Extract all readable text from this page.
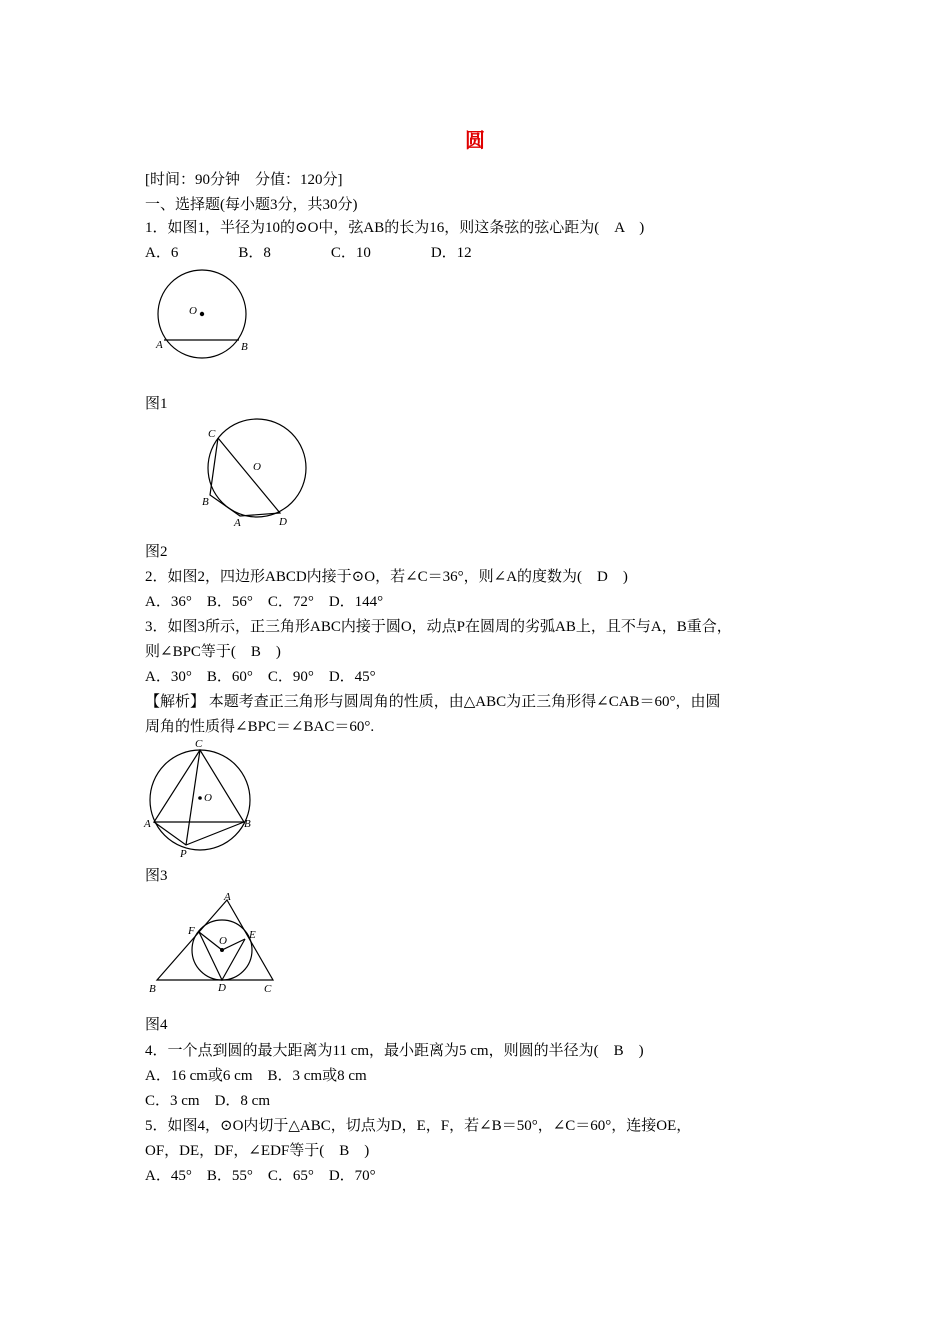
圆
[时间：90分钟　分值：120分]
一、选择题(每小题3分，共30分)
1．如图1，半径为10的⊙O中，弦AB的长为16，则这条弦的弦心距为(　A　)
A．6　　　　B．8　　　　C．10　　　　D．12
O
A	B
图1
C
O
B
A	D
图2
2．如图2，四边形ABCD内接于⊙O，若∠C＝36°，则∠A的度数为(　D　)
A．36°　B．56°　C．72°　D．144°
3．如图3所示，正三角形ABC内接于圆O，动点P在圆周的劣弧AB上，且不与A，B重合，
则∠BPC等于(　B　)
A．30°　B．60°　C．90°　D．45°
【解析】 本题考查正三角形与圆周角的性质，由△ABC为正三角形得∠CAB＝60°，由圆
周角的性质得∠BPC＝∠BAC＝60°.
C
O
A	B
P
图3
A
F
O E
B	D	C
图4
4．一个点到圆的最大距离为11 cm，最小距离为5 cm，则圆的半径为(　B　)
A．16 cm或6 cm　B．3 cm或8 cm
C．3 cm　D．8 cm
5．如图4，⊙O内切于△ABC，切点为D，E，F，若∠B＝50°，∠C＝60°，连接OE，
OF，DE，DF，∠EDF等于(　B　)
A．45°　B．55°　C．65°　D．70°
